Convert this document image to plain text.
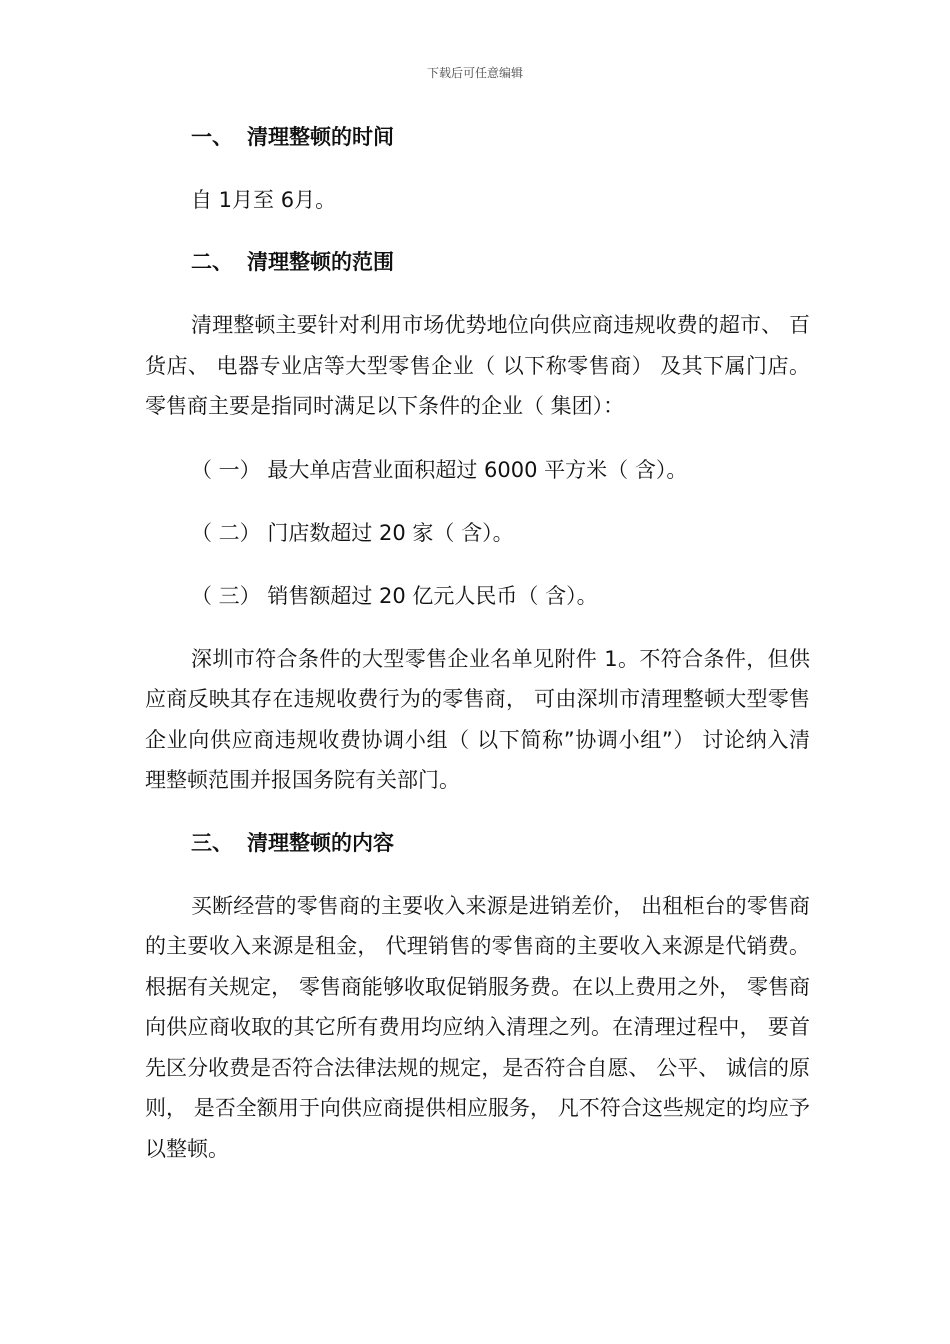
下载后可任意编辑
一、 清理整顿的时间

自 1月至 6月。

二、 清理整顿的范围

清理整顿主要针对利用市场优势地位向供应商违规收费的超市、 百货店、 电器专业店等大型零售企业（ 以下称零售商） 及其下属门店。零售商主要是指同时满足以下条件的企业（ 集团）：

（ 一） 最大单店营业面积超过 6000 平方米（ 含）。

（ 二） 门店数超过 20 家（ 含）。

（ 三） 销售额超过 20 亿元人民币（ 含）。

深圳市符合条件的大型零售企业名单见附件 1。不符合条件，但供应商反映其存在违规收费行为的零售商， 可由深圳市清理整顿大型零售企业向供应商违规收费协调小组（ 以下简称”协调小组”） 讨论纳入清理整顿范围并报国务院有关部门。

三、 清理整顿的内容

买断经营的零售商的主要收入来源是进销差价， 出租柜台的零售商的主要收入来源是租金， 代理销售的零售商的主要收入来源是代销费。根据有关规定， 零售商能够收取促销服务费。在以上费用之外， 零售商向供应商收取的其它所有费用均应纳入清理之列。在清理过程中， 要首先区分收费是否符合法律法规的规定，是否符合自愿、 公平、 诚信的原则， 是否全额用于向供应商提供相应服务， 凡不符合这些规定的均应予以整顿。
